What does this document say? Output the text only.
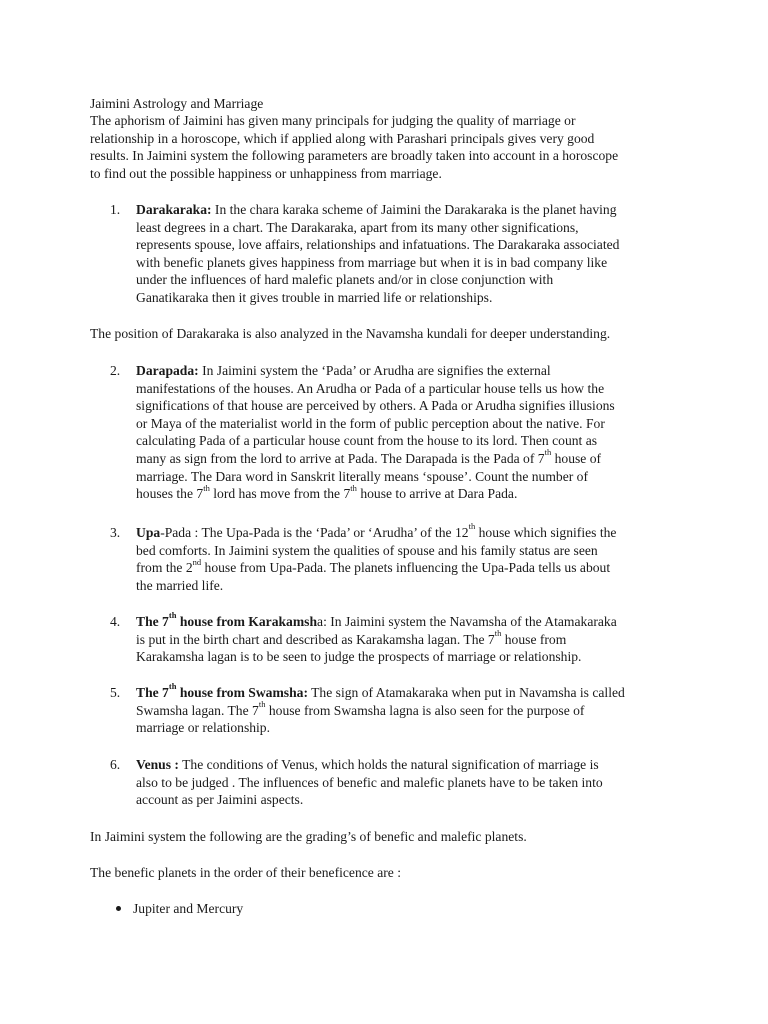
Jaimini Astrology and Marriage
The aphorism of Jaimini has given many principals for judging the quality of marriage or
relationship in a horoscope, which if applied along with Parashari principals gives very good
results. In Jaimini system the following parameters are broadly taken into account in a horoscope
to find out the possible happiness or unhappiness from marriage.
1.	Darakaraka: In the chara karaka scheme of Jaimini the Darakaraka is the planet having
least degrees in a chart. The Darakaraka, apart from its many other significations,
represents spouse, love affairs, relationships and infatuations. The Darakaraka associated
with benefic planets gives happiness from marriage but when it is in bad company like
under the influences of hard malefic planets and/or in close conjunction with
Ganatikaraka then it gives trouble in married life or relationships.
The position of Darakaraka is also analyzed in the Navamsha kundali for deeper understanding.
2.	Darapada: In Jaimini system the ‘Pada’ or Arudha are signifies the external
manifestations of the houses. An Arudha or Pada of a particular house tells us how the
significations of that house are perceived by others. A Pada or Arudha signifies illusions
or Maya of the materialist world in the form of public perception about the native. For
calculating Pada of a particular house count from the house to its lord. Then count as
many as sign from the lord to arrive at Pada. The Darapada is the Pada of 7th house of
marriage. The Dara word in Sanskrit literally means ‘spouse’. Count the number of
houses the 7th lord has move from the 7th house to arrive at Dara Pada.
3.	Upa-Pada : The Upa-Pada is the ‘Pada’ or ‘Arudha’ of the 12th house which signifies the
bed comforts. In Jaimini system the qualities of spouse and his family status are seen
from the 2nd house from Upa-Pada. The planets influencing the Upa-Pada tells us about
the married life.
4.	The 7th house from Karakamsha: In Jaimini system the Navamsha of the Atamakaraka
is put in the birth chart and described as Karakamsha lagan. The 7th house from
Karakamsha lagan is to be seen to judge the prospects of marriage or relationship.
5.	The 7th house from Swamsha: The sign of Atamakaraka when put in Navamsha is called
Swamsha lagan. The 7th house from Swamsha lagna is also seen for the purpose of
marriage or relationship.
6.	Venus : The conditions of Venus, which holds the natural signification of marriage is
also to be judged . The influences of benefic and malefic planets have to be taken into
account as per Jaimini aspects.
In Jaimini system the following are the grading’s of benefic and malefic planets.
The benefic planets in the order of their beneficence are :
Jupiter and Mercury
